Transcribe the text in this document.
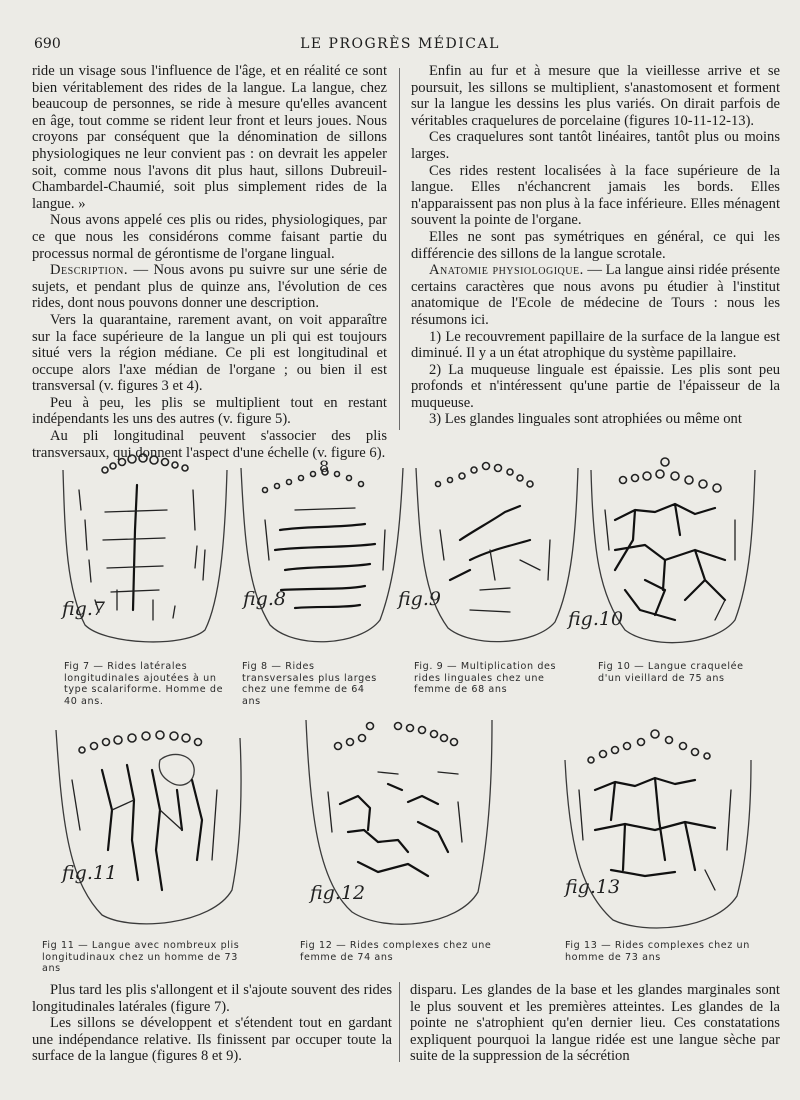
690	LE PROGRÈS MÉDICAL

ride un visage sous l'influence de l'âge, et en réalité ce sont bien véritablement des rides de la langue. La langue, chez beaucoup de personnes, se ride à mesure qu'elles avancent en âge, tout comme se rident leur front et leurs joues. Nous croyons par conséquent que la dénomination de sillons physiologiques ne leur convient pas : on devrait les appeler soit, comme nous l'avons dit plus haut, sillons Dubreuil-Chambardel-Chaumié, soit plus simplement rides de la langue. »

Nous avons appelé ces plis ou rides, physiologiques, par ce que nous les considérons comme faisant partie du processus normal de gérontisme de l'organe lingual.

Description. — Nous avons pu suivre sur une série de sujets, et pendant plus de quinze ans, l'évolution de ces rides, dont nous pouvons donner une description.

Vers la quarantaine, rarement avant, on voit apparaître sur la face supérieure de la langue un pli qui est toujours situé vers la région médiane. Ce pli est longitudinal et occupe alors l'axe médian de l'organe ; ou bien il est transversal (v. figures 3 et 4).

Peu à peu, les plis se multiplient tout en restant indépendants les uns des autres (v. figure 5).

Au pli longitudinal peuvent s'associer des plis transversaux, qui donnent l'aspect d'une échelle (v. figure 6).

Enfin au fur et à mesure que la vieillesse arrive et se poursuit, les sillons se multiplient, s'anastomosent et forment sur la langue les dessins les plus variés. On dirait parfois de véritables craquelures de porcelaine (figures 10-11-12-13).

Ces craquelures sont tantôt linéaires, tantôt plus ou moins larges.

Ces rides restent localisées à la face supérieure de la langue. Elles n'échancrent jamais les bords. Elles n'apparaissent pas non plus à la face inférieure. Elles ménagent souvent la pointe de l'organe.

Elles ne sont pas symétriques en général, ce qui les différencie des sillons de la langue scrotale.

Anatomie physiologique. — La langue ainsi ridée présente certains caractères que nous avons pu étudier à l'institut anatomique de l'Ecole de médecine de Tours : nous les résumons ici.

1) Le recouvrement papillaire de la surface de la langue est diminué. Il y a un état atrophique du système papillaire.

2) La muqueuse linguale est épaissie. Les plis sont peu profonds et n'intéressent qu'une partie de l'épaisseur de la muqueuse.

3) Les glandes linguales sont atrophiées ou même ont

fig.7
Fig 7 — Rides latérales longitudinales ajoutées à un type scalariforme. Homme de 40 ans.
8
fig.8
Fig 8 — Rides transversales plus larges chez une femme de 64 ans
fig.9
Fig. 9 — Multiplication des rides linguales chez une femme de 68 ans
fig.10
Fig 10 — Langue craquelée d'un vieillard de 75 ans
fig.11
Fig 11 — Langue avec nombreux plis longitudinaux chez un homme de 73 ans
fig.12
Fig 12 — Rides complexes chez une femme de 74 ans
fig.13
Fig 13 — Rides complexes chez un homme de 73 ans

Plus tard les plis s'allongent et il s'ajoute souvent des rides longitudinales latérales (figure 7).

Les sillons se développent et s'étendent tout en gardant une indépendance relative. Ils finissent par occuper toute la surface de la langue (figures 8 et 9).

disparu. Les glandes de la base et les glandes marginales sont le plus souvent et les premières atteintes. Les glandes de la pointe ne s'atrophient qu'en dernier lieu. Ces constatations expliquent pourquoi la langue ridée est une langue sèche par suite de la suppression de la sécrétion
